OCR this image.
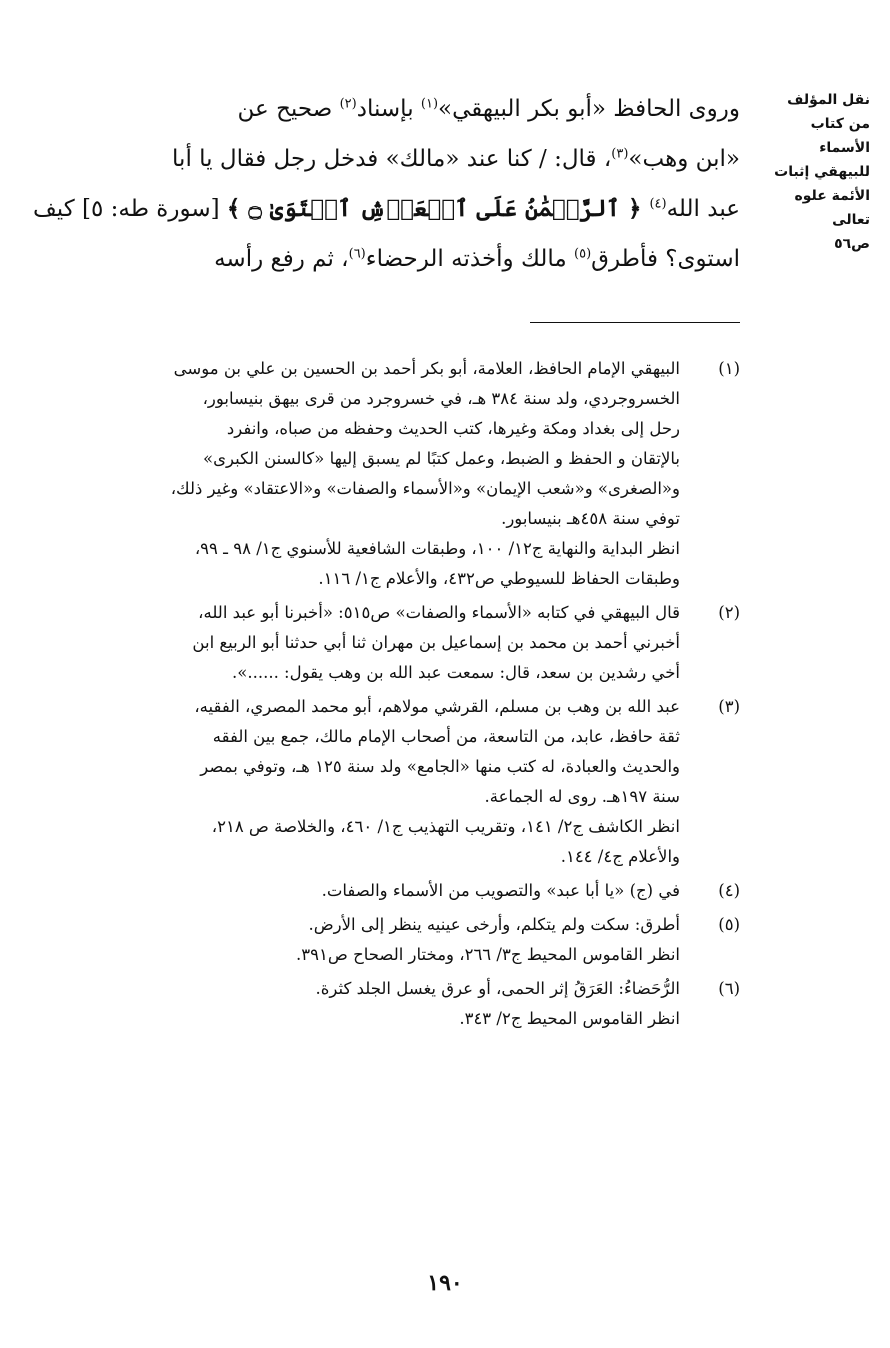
نقل المؤلف
من كتاب
الأسماء
للبيهقي إثبات
الأئمة علوه
تعالى
ص٥٦
وروى الحافظ «أبو بكر البيهقي»$^{(١)}$ بإسناد$^{(٢)}$ صحيح عن
«ابن وهب»$^{(٣)}$، قال: / كنا عند «مالك» فدخل رجل فقال يا أبا
عبد الله$^{(٤)}$ ﴿ ٱلرَّحۡمَٰنُ عَلَى ٱلۡعَرۡشِ ٱسۡتَوَىٰ ۝ ﴾ [سورة طه: ٥] كيف
استوى؟ فأطرق$^{(٥)}$ مالك وأخذته الرحضاء$^{(٦)}$، ثم رفع رأسه
(١)
البيهقي الإمام الحافظ، العلامة، أبو بكر أحمد بن الحسين بن علي بن موسى
الخسروجردي، ولد سنة ٣٨٤ هـ، في خسروجرد من قرى بيهق بنيسابور،
رحل إلى بغداد ومكة وغيرها، كتب الحديث وحفظه من صباه، وانفرد
بالإتقان و الحفظ و الضبط، وعمل كتبًا لم يسبق إليها «كالسنن الكبرى»
و«الصغرى» و«شعب الإيمان» و«الأسماء والصفات» و«الاعتقاد» وغير ذلك،
توفي سنة ٤٥٨هـ بنيسابور.
انظر البداية والنهاية ج١٢/ ١٠٠، وطبقات الشافعية للأسنوي ج١/ ٩٨ ـ ٩٩،
وطبقات الحفاظ للسيوطي ص٤٣٢، والأعلام ج١/ ١١٦.
(٢)
قال البيهقي في كتابه «الأسماء والصفات» ص٥١٥: «أخبرنا أبو عبد الله،
أخبرني أحمد بن محمد بن إسماعيل بن مهران ثنا أبي حدثنا أبو الربيع ابن
أخي رشدين بن سعد، قال: سمعت عبد الله بن وهب يقول: ......».
(٣)
عبد الله بن وهب بن مسلم، القرشي مولاهم، أبو محمد المصري، الفقيه،
ثقة حافظ، عابد، من التاسعة، من أصحاب الإمام مالك، جمع بين الفقه
والحديث والعبادة، له كتب منها «الجامع» ولد سنة ١٢٥ هـ، وتوفي بمصر
سنة ١٩٧هـ. روى له الجماعة.
انظر الكاشف ج٢/ ١٤١، وتقريب التهذيب ج١/ ٤٦٠، والخلاصة ص ٢١٨،
والأعلام ج٤/ ١٤٤.
(٤)
في (ج) «يا أبا عبد» والتصويب من الأسماء والصفات.
(٥)
أطرق: سكت ولم يتكلم، وأرخى عينيه ينظر إلى الأرض.
انظر القاموس المحيط ج٣/ ٢٦٦، ومختار الصحاح ص٣٩١.
(٦)
الرُّحَضاءُ: العَرَقُ إثر الحمى، أو عرق يغسل الجلد كثرة.
انظر القاموس المحيط ج٢/ ٣٤٣.
١٩٠
